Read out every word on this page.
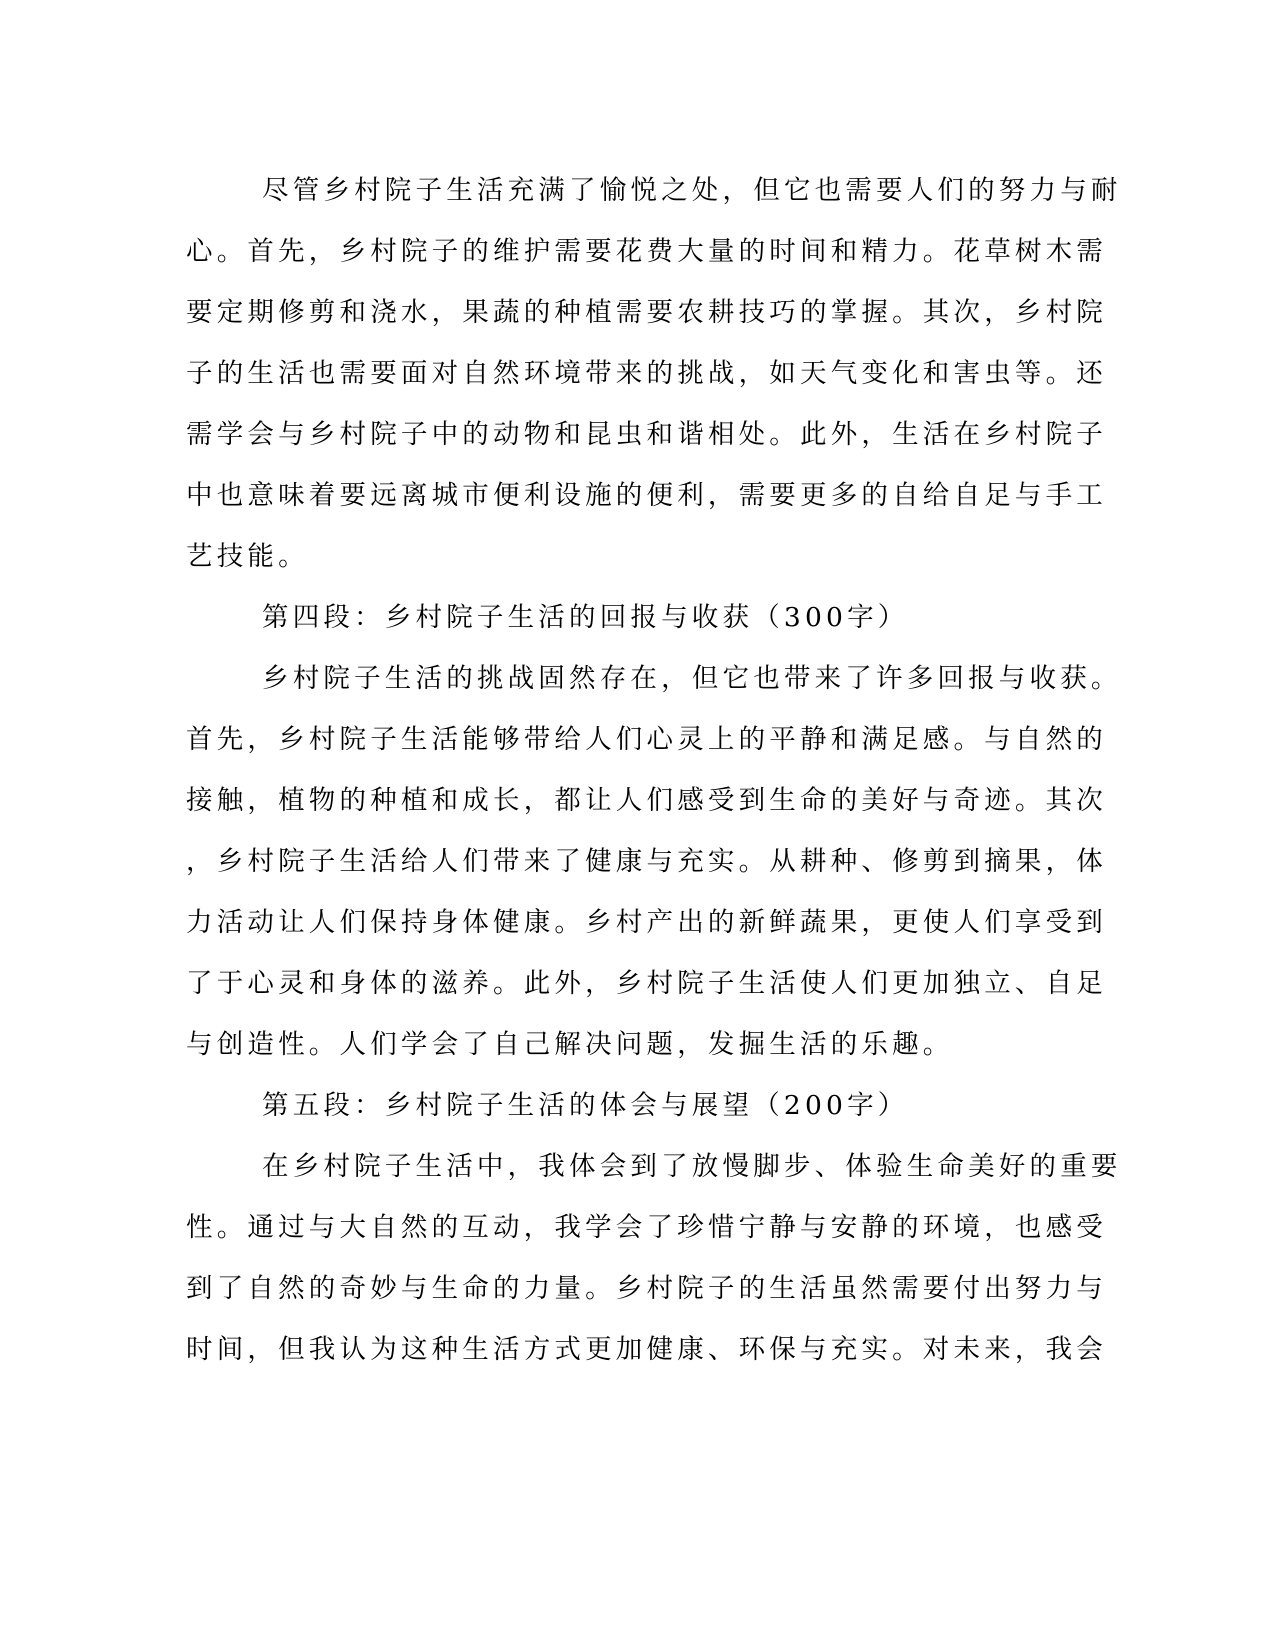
尽管乡村院子生活充满了愉悦之处，但它也需要人们的努力与耐
心。首先，乡村院子的维护需要花费大量的时间和精力。花草树木需
要定期修剪和浇水，果蔬的种植需要农耕技巧的掌握。其次，乡村院
子的生活也需要面对自然环境带来的挑战，如天气变化和害虫等。还
需学会与乡村院子中的动物和昆虫和谐相处。此外，生活在乡村院子
中也意味着要远离城市便利设施的便利，需要更多的自给自足与手工
艺技能。
第四段：乡村院子生活的回报与收获（300字）
乡村院子生活的挑战固然存在，但它也带来了许多回报与收获。
首先，乡村院子生活能够带给人们心灵上的平静和满足感。与自然的
接触，植物的种植和成长，都让人们感受到生命的美好与奇迹。其次
，乡村院子生活给人们带来了健康与充实。从耕种、修剪到摘果，体
力活动让人们保持身体健康。乡村产出的新鲜蔬果，更使人们享受到
了于心灵和身体的滋养。此外，乡村院子生活使人们更加独立、自足
与创造性。人们学会了自己解决问题，发掘生活的乐趣。
第五段：乡村院子生活的体会与展望（200字）
在乡村院子生活中，我体会到了放慢脚步、体验生命美好的重要
性。通过与大自然的互动，我学会了珍惜宁静与安静的环境，也感受
到了自然的奇妙与生命的力量。乡村院子的生活虽然需要付出努力与
时间，但我认为这种生活方式更加健康、环保与充实。对未来，我会
